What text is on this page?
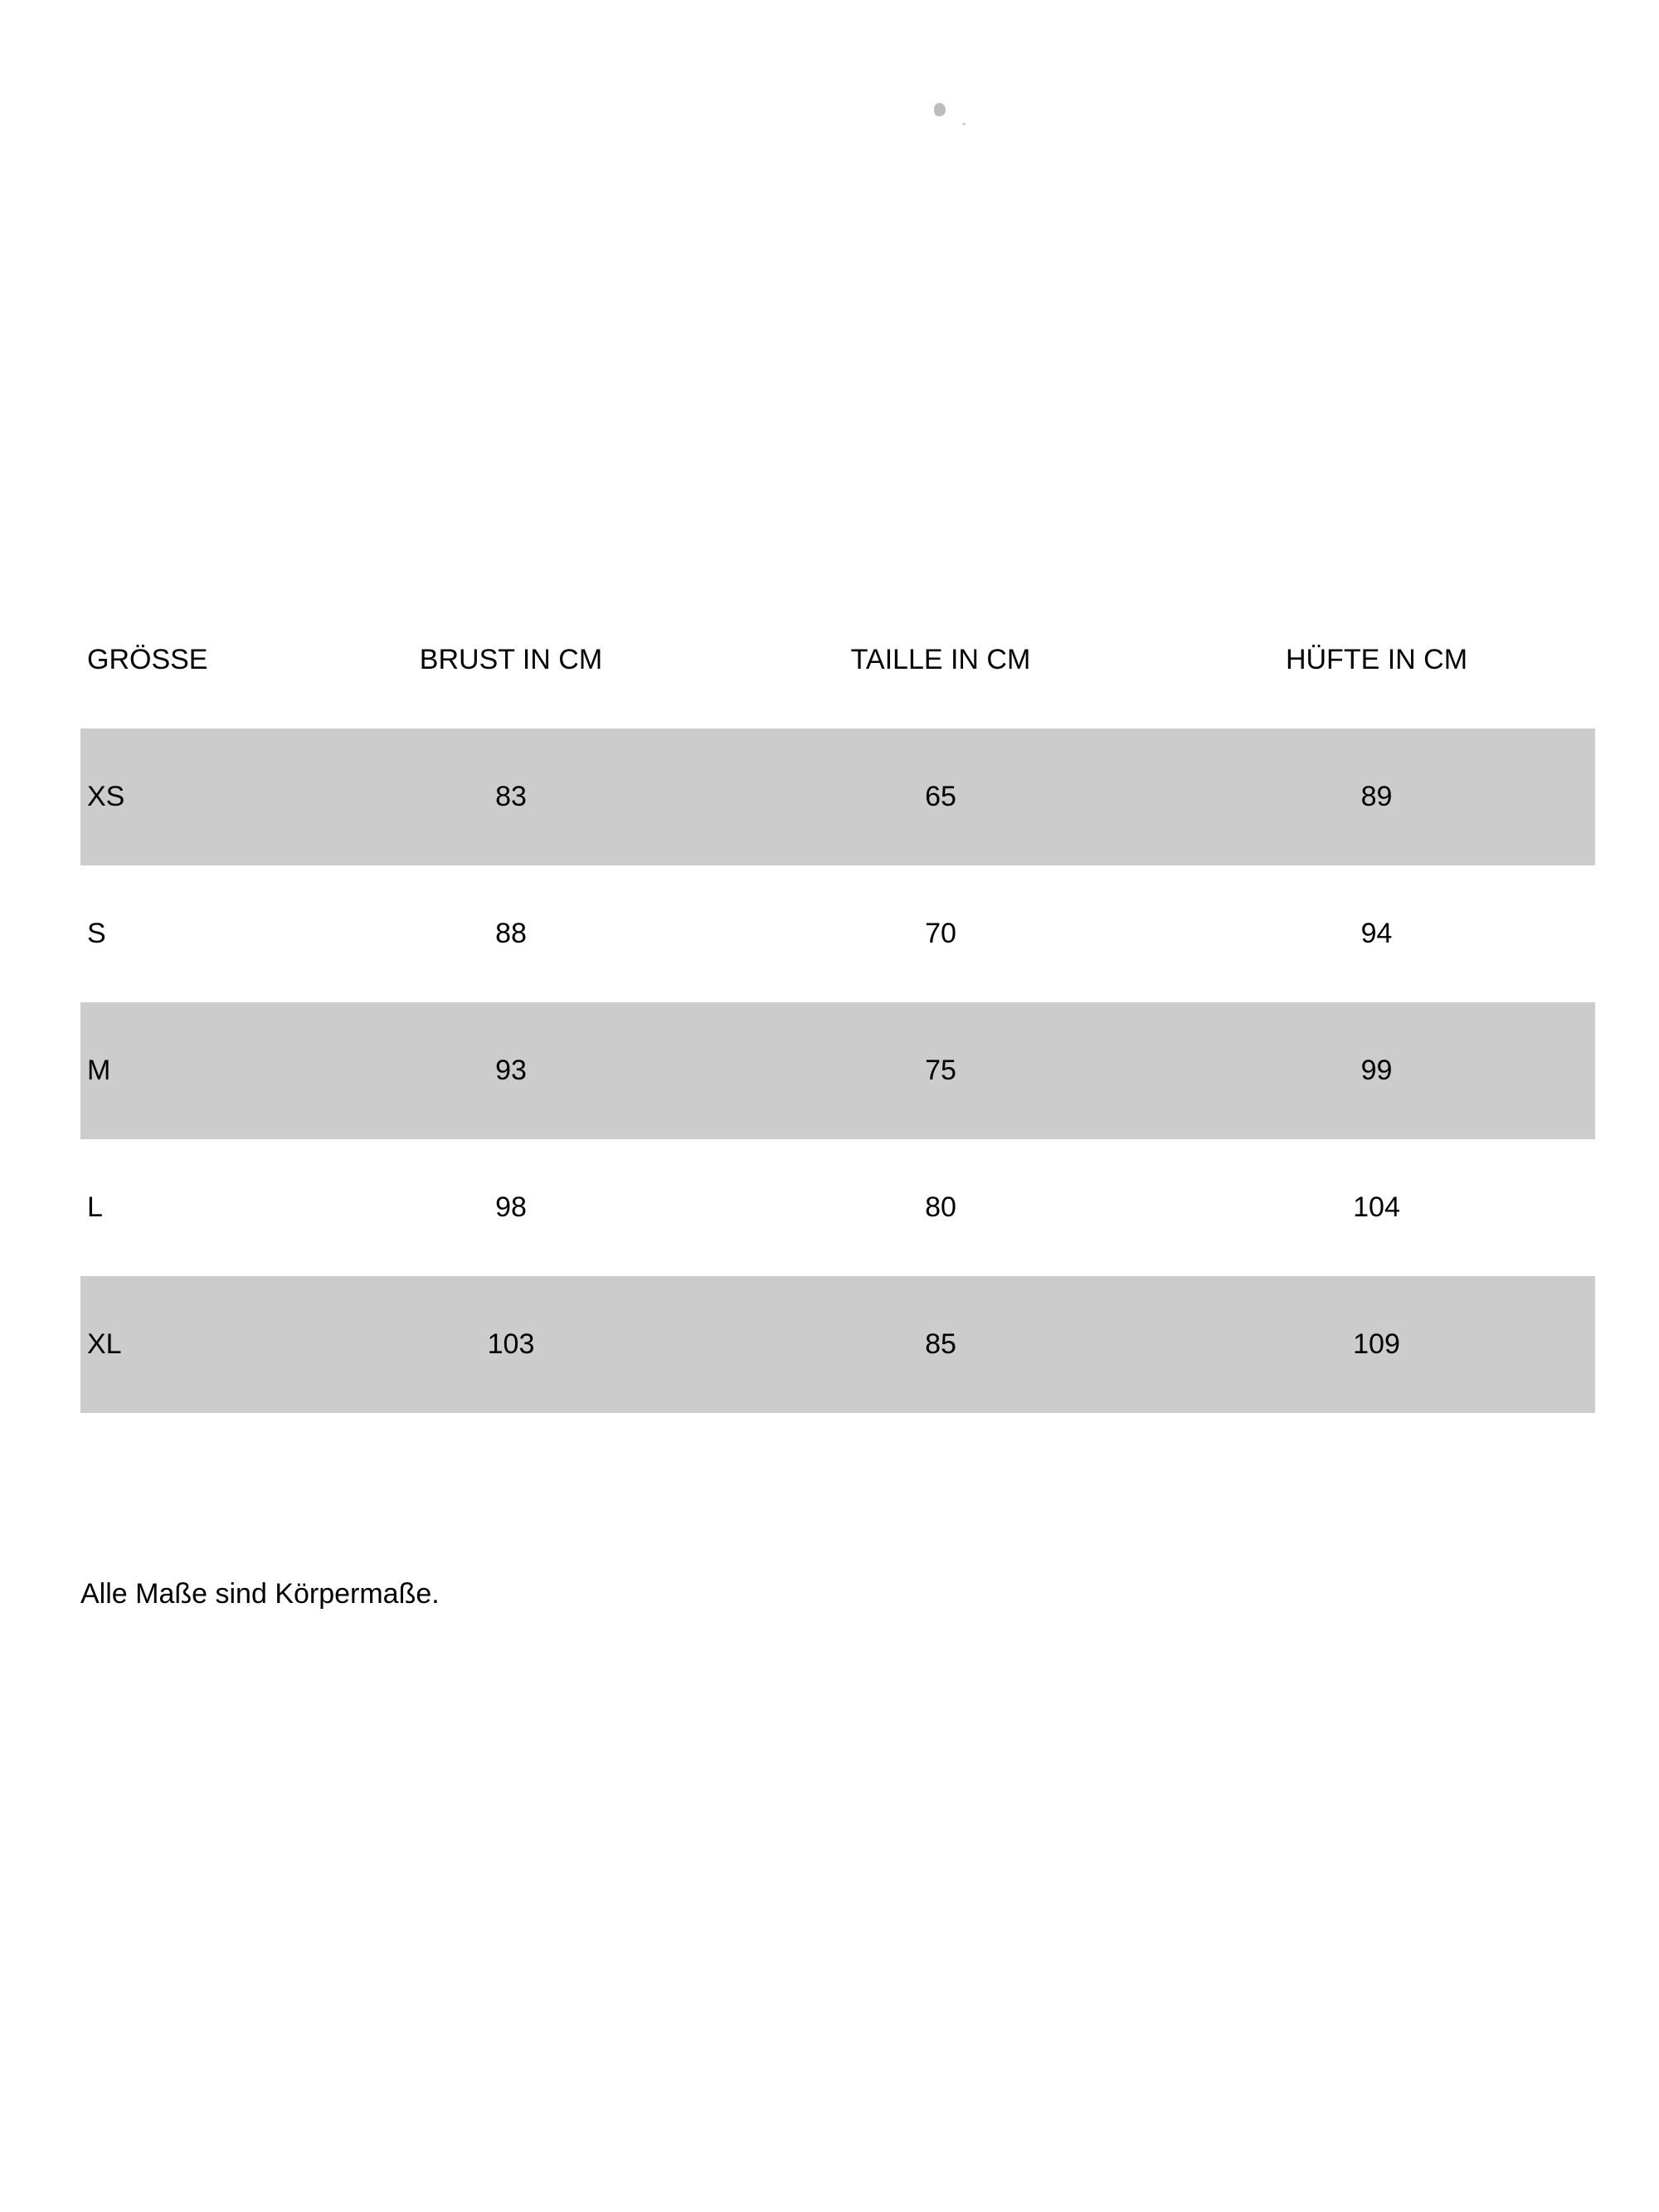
GRÖSSE	BRUST IN CM	TAILLE IN CM	HÜFTE IN CM
XS	83	65	89
S	88	70	94
M	93	75	99
L	98	80	104
XL	103	85	109

Alle Maße sind Körpermaße.
